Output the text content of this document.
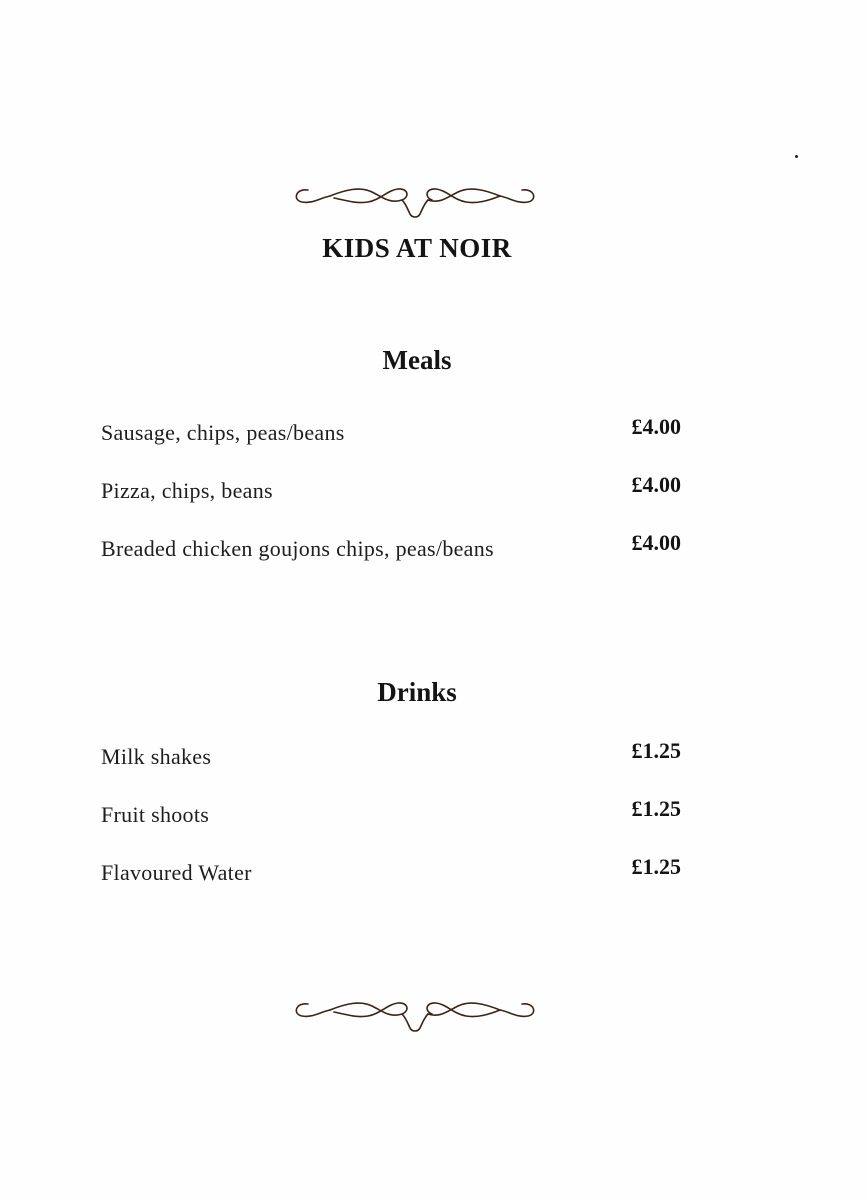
KIDS AT NOIR
Meals
Sausage, chips, peas/beans	£4.00
Pizza, chips, beans	£4.00
Breaded chicken goujons chips, peas/beans	£4.00
Drinks
Milk shakes	£1.25
Fruit shoots	£1.25
Flavoured Water	£1.25
